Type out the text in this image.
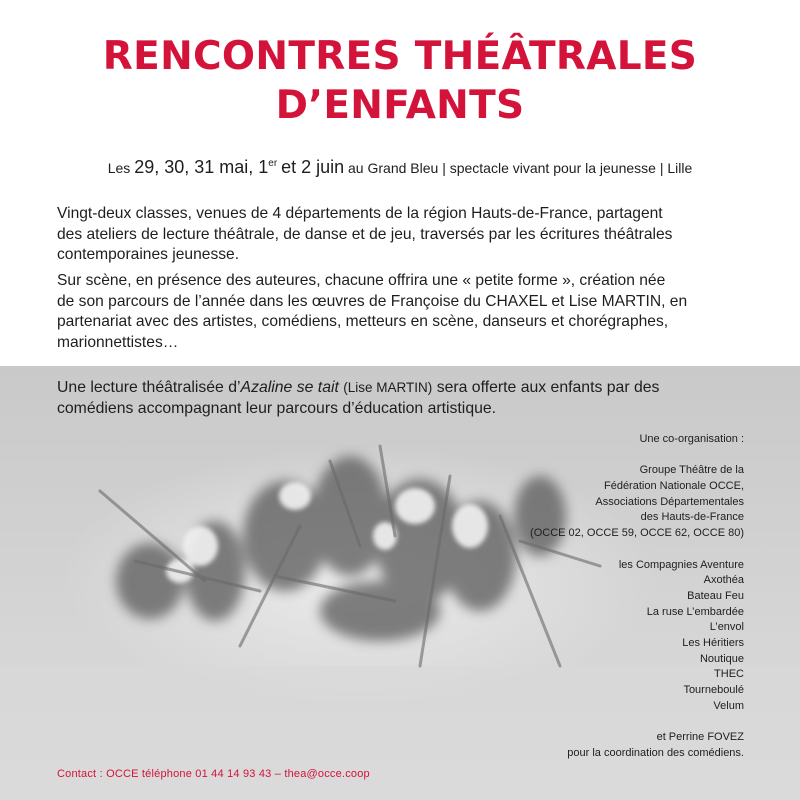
RENCONTRES THÉÂTRALES
D’ENFANTS
Les 29, 30, 31 mai, 1er et 2 juin au Grand Bleu | spectacle vivant pour la jeunesse | Lille
Vingt-deux classes, venues de 4 départements de la région Hauts-de-France, partagent
des ateliers de lecture théâtrale, de danse et de jeu, traversés par les écritures théâtrales
contemporaines jeunesse.
Sur scène, en présence des auteures, chacune offrira une « petite forme », création née
de son parcours de l’année dans les œuvres de Françoise du CHAXEL et Lise MARTIN, en
partenariat avec des artistes, comédiens, metteurs en scène, danseurs et chorégraphes,
marionnettistes…
Une lecture théâtralisée d’Azaline se tait (Lise MARTIN) sera offerte aux enfants par des
comédiens accompagnant leur parcours d’éducation artistique.
Une co-organisation :
Groupe Théâtre de la
Fédération Nationale OCCE,
Associations Départementales
des Hauts-de-France
(OCCE 02, OCCE 59, OCCE 62, OCCE 80)
les Compagnies Aventure
Axothéa
Bateau Feu
La ruse L’embardée
L’envol
Les Héritiers
Noutique
THEC
Tourneboulé
Velum
et Perrine FOVEZ
pour la coordination des comédiens.
Contact : OCCE téléphone 01 44 14 93 43 – thea@occe.coop
